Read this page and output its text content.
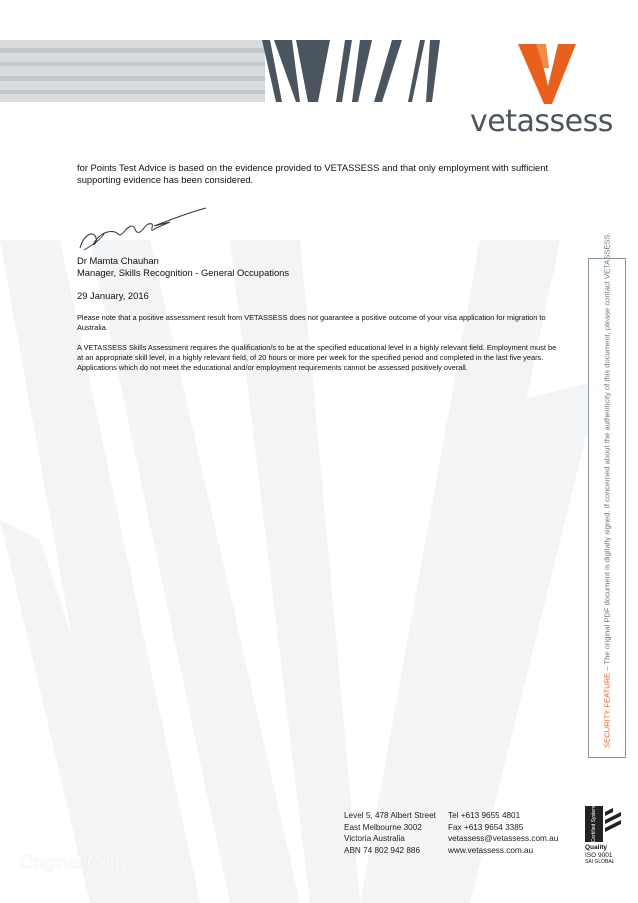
vetassess
for Points Test Advice is based on the evidence provided to VETASSESS and that only employment with sufficient supporting evidence has been considered.
Dr Mamta Chauhan
Manager, Skills Recognition - General Occupations
29 January, 2016
Please note that a positive assessment result from VETASSESS does not guarantee a positive outcome of your visa application for migration to Australia.
A VETASSESS Skills Assessment requires the qualification/s to be at the specified educational level in a highly relevant field. Employment must be at an appropriate skill level, in a highly relevant field, of 20 hours or more per week for the specified period and completed in the last five years. Applications which do not meet the educational and/or employment requirements cannot be assessed positively overall.
SECURITY FEATURE – The original PDF document is digitally signed. If concerned about the authenticity of this document, please contact VETASSESS.
Level 5, 478 Albert Street
East Melbourne 3002
Victoria Australia
ABN 74 802 942 886
Tel +613 9655 4801
Fax +613 9654 3385
vetassess@vetassess.com.au
www.vetassess.com.au
Certified System
Quality
ISO 9001
SAI GLOBAL
Original Copy
